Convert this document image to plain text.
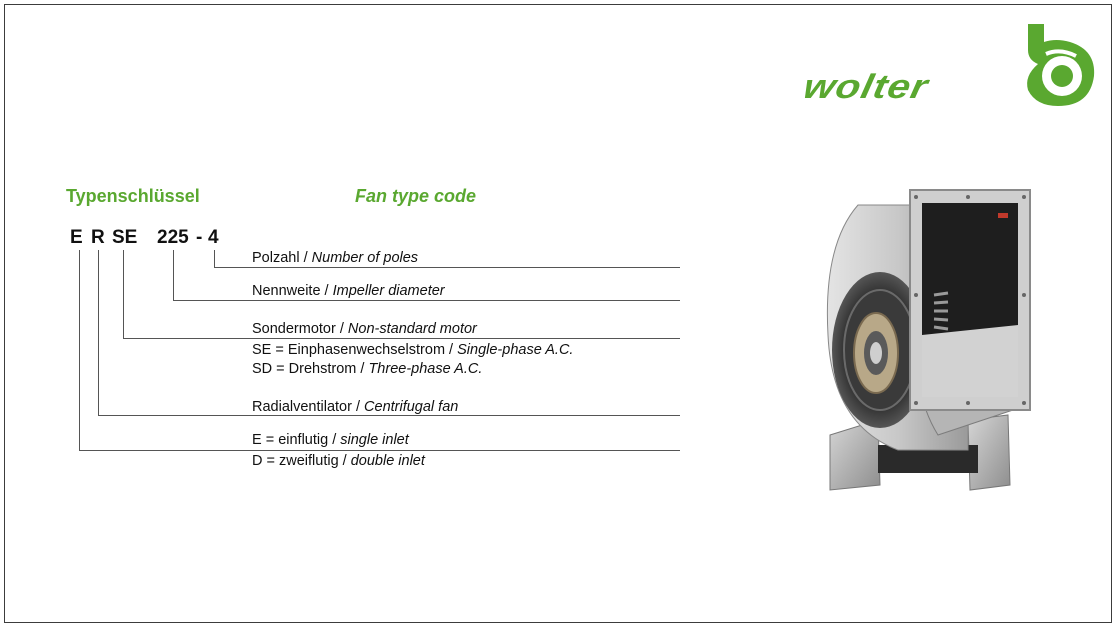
wolter
Typenschlüssel	Fan type code
E R SE 225 - 4
Polzahl / Number of poles
Nennweite / Impeller diameter
Sondermotor / Non-standard motor
SE = Einphasenwechselstrom / Single-phase A.C.
SD = Drehstrom / Three-phase A.C.
Radialventilator / Centrifugal fan
E = einflutig / single inlet
D = zweiflutig / double inlet
